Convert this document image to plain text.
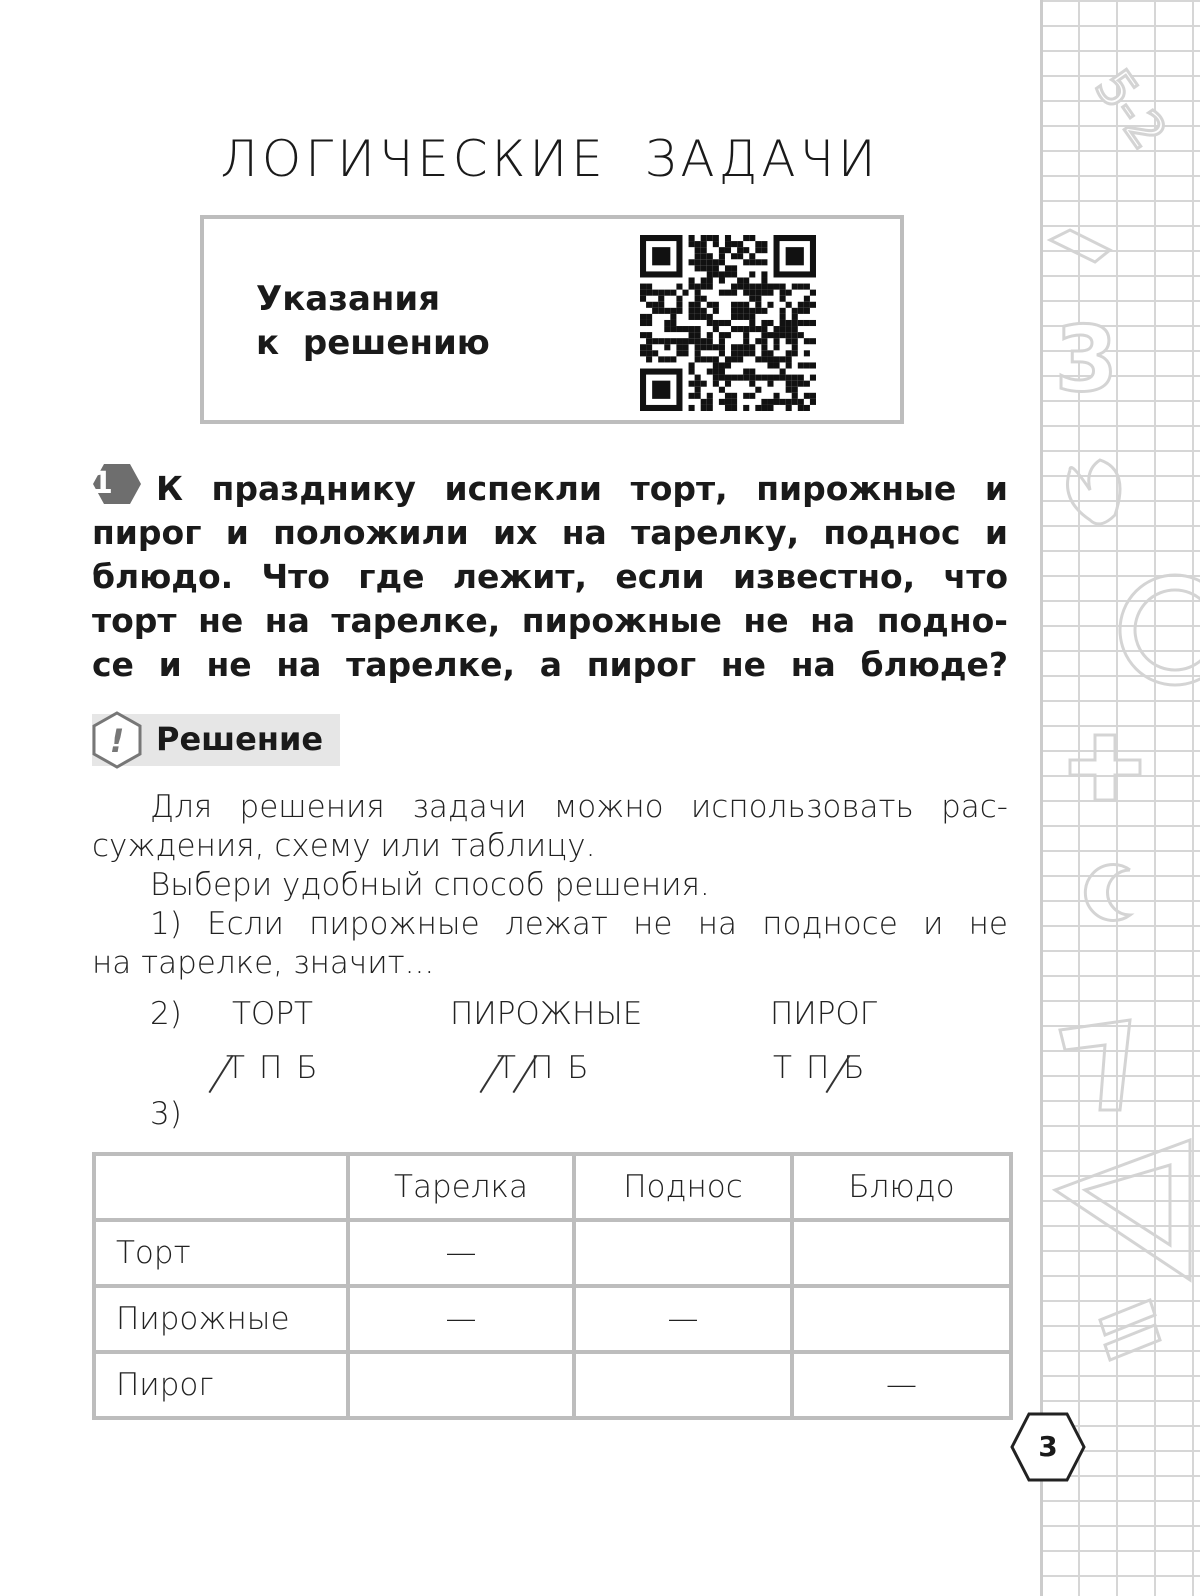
5-2
3
ЛОГИЧЕСКИЕ ЗАДАЧИ
Указания
к решению
1	К празднику испекли торт, пирожные и
пирог и положили их на тарелку, поднос и
блюдо. Что где лежит, если известно, что
торт не на тарелке, пирожные не на подно-
се и не на тарелке, а пирог не на блюде?
! Решение
Для решения задачи можно использовать рас-
суждения, схему или таблицу.
Выбери удобный способ решения.
1) Если пирожные лежат не на подносе и не
на тарелке, значит...
2) ТОРТ	ПИРОЖНЫЕ	ПИРОГ
Т П Б	Т П Б	Т П Б
3)
	Тарелка	Поднос	Блюдо
Торт	—		
Пирожные	—	—	
Пирог			—
3
